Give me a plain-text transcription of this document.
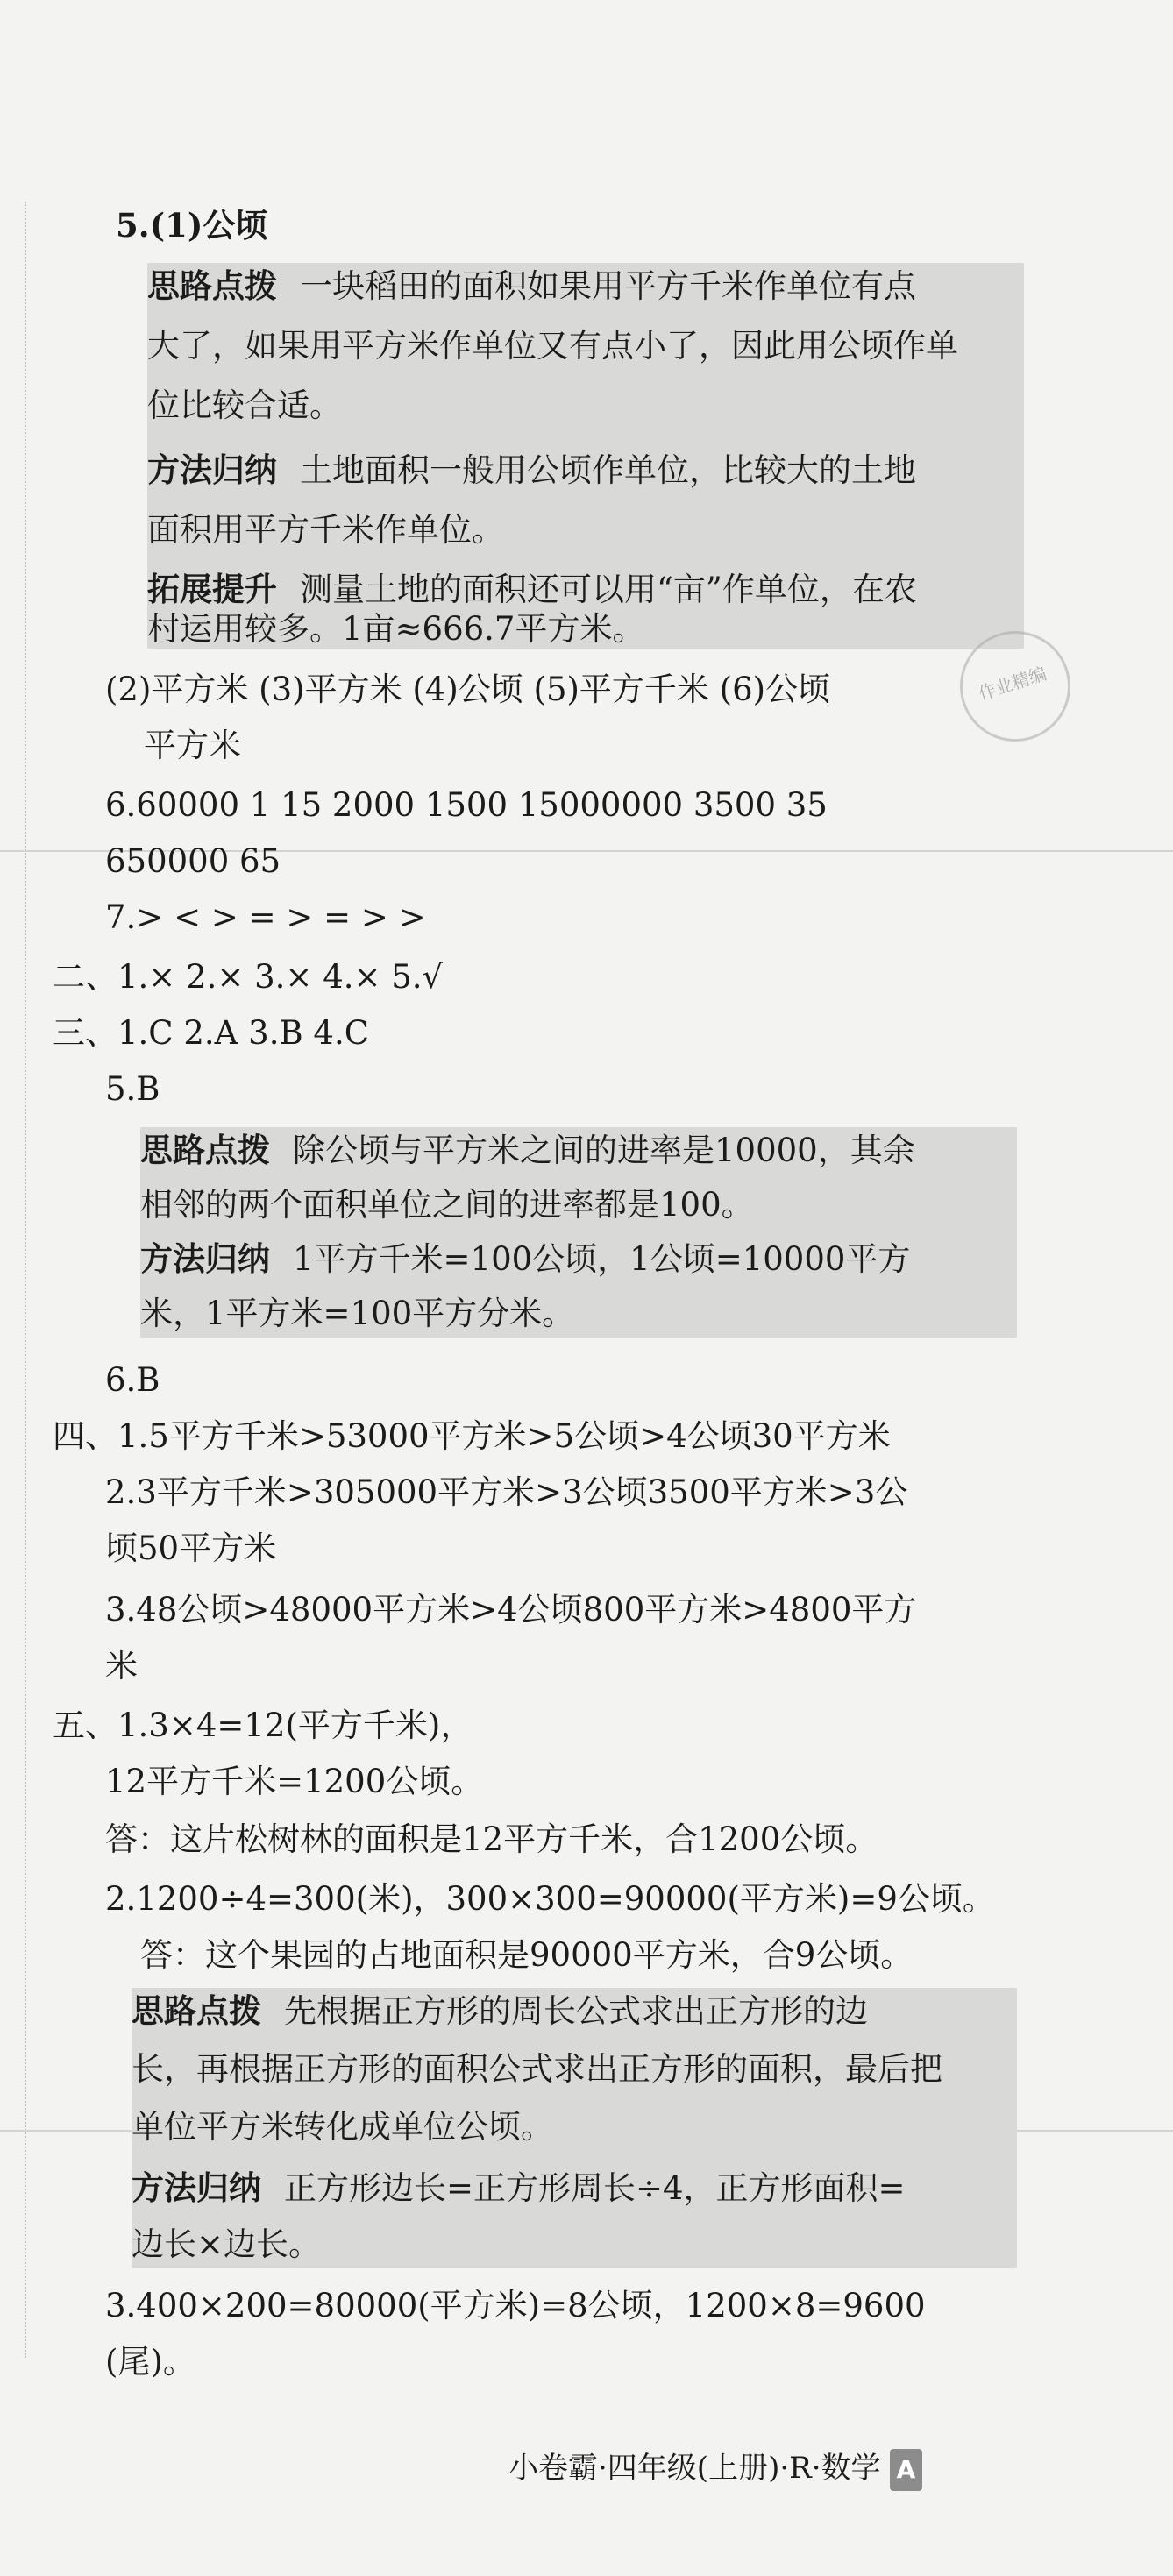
5.(1)公顷
思路点拨 一块稻田的面积如果用平方千米作单位有点
大了，如果用平方米作单位又有点小了，因此用公顷作单
位比较合适。
方法归纳 土地面积一般用公顷作单位，比较大的土地
面积用平方千米作单位。
拓展提升 测量土地的面积还可以用“亩”作单位，在农
村运用较多。1亩≈666.7平方米。
作业精编
(2)平方米 (3)平方米 (4)公顷 (5)平方千米 (6)公顷
平方米
6.60000 1 15 2000 1500 15000000 3500 35
650000 65
7.> < > = > = > >
二、1.× 2.× 3.× 4.× 5.√
三、1.C 2.A 3.B 4.C
5.B
思路点拨 除公顷与平方米之间的进率是10000，其余
相邻的两个面积单位之间的进率都是100。
方法归纳 1平方千米=100公顷，1公顷=10000平方
米，1平方米=100平方分米。
6.B
四、1.5平方千米>53000平方米>5公顷>4公顷30平方米
2.3平方千米>305000平方米>3公顷3500平方米>3公
顷50平方米
3.48公顷>48000平方米>4公顷800平方米>4800平方
米
五、1.3×4=12(平方千米)，
12平方千米=1200公顷。
答：这片松树林的面积是12平方千米，合1200公顷。
2.1200÷4=300(米)，300×300=90000(平方米)=9公顷。
答：这个果园的占地面积是90000平方米，合9公顷。
思路点拨 先根据正方形的周长公式求出正方形的边
长，再根据正方形的面积公式求出正方形的面积，最后把
单位平方米转化成单位公顷。
方法归纳 正方形边长=正方形周长÷4，正方形面积=
边长×边长。
3.400×200=80000(平方米)=8公顷，1200×8=9600
(尾)。
小卷霸·四年级(上册)·R·数学 A
